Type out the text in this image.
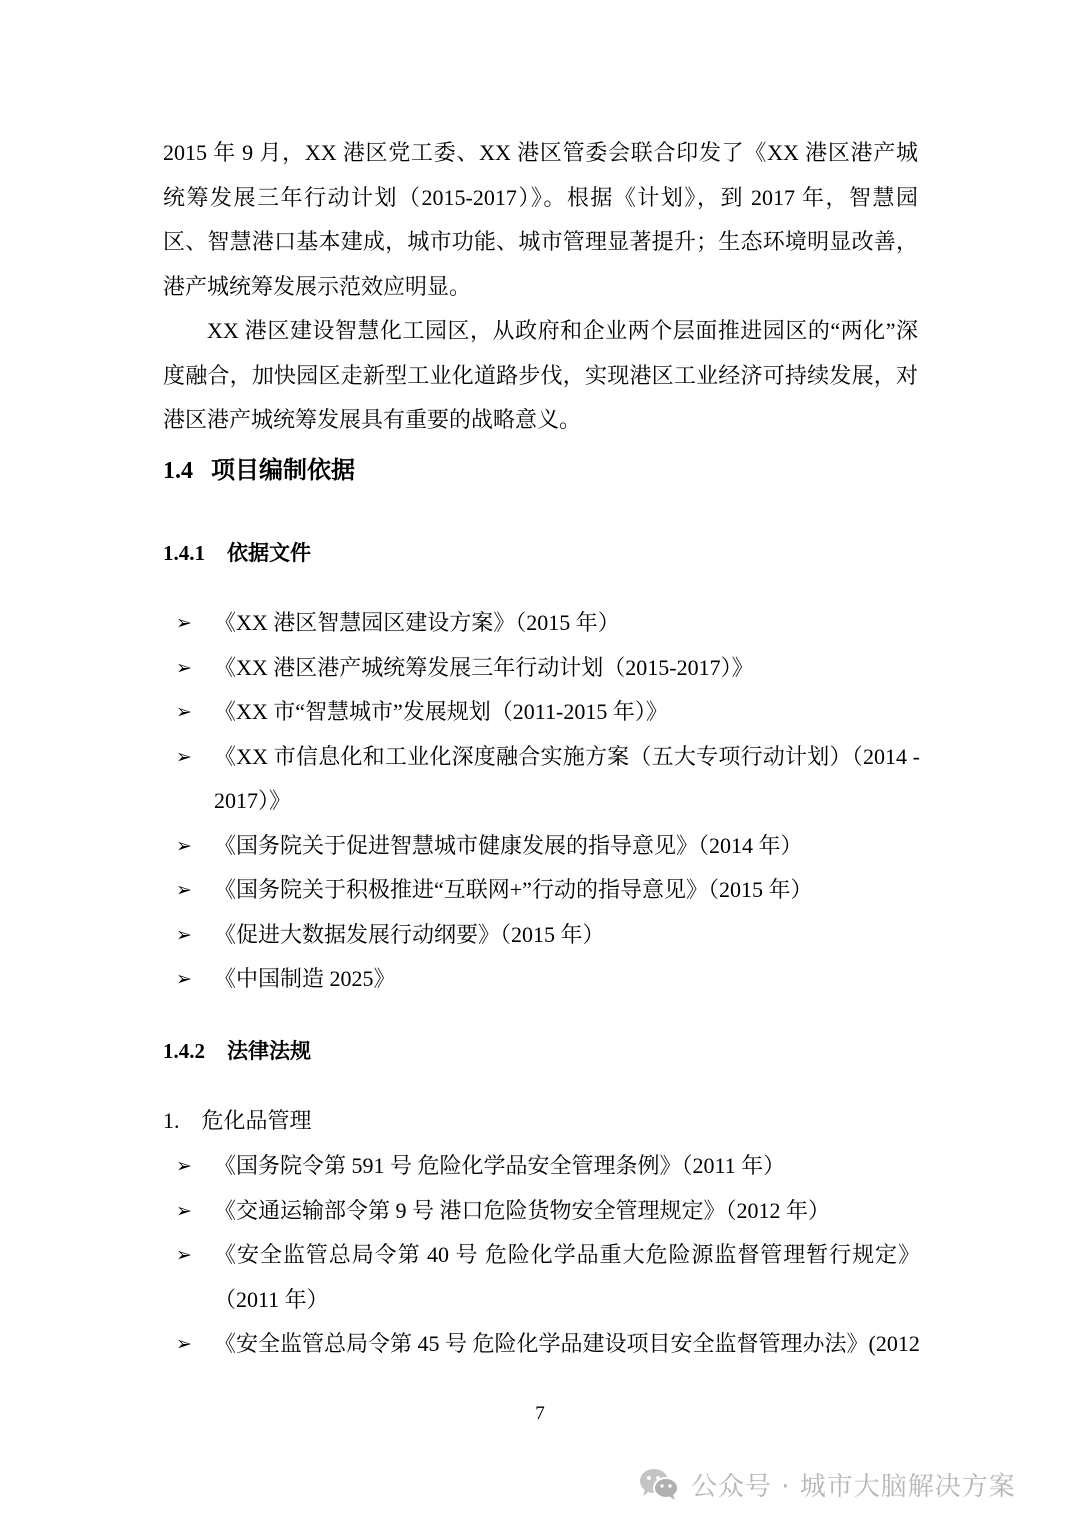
2015 年 9 月，XX 港区党工委、XX 港区管委会联合印发了《XX 港区港产城统筹发展三年行动计划（2015-2017）》。根据《计划》，到 2017 年，智慧园区、智慧港口基本建成，城市功能、城市管理显著提升；生态环境明显改善，港产城统筹发展示范效应明显。

XX 港区建设智慧化工园区，从政府和企业两个层面推进园区的“两化”深度融合，加快园区走新型工业化道路步伐，实现港区工业经济可持续发展，对港区港产城统筹发展具有重要的战略意义。

1.4 项目编制依据
1.4.1 依据文件
➢ 《XX 港区智慧园区建设方案》（2015 年）
➢ 《XX 港区港产城统筹发展三年行动计划（2015-2017）》
➢ 《XX 市“智慧城市”发展规划（2011-2015 年）》
➢ 《XX 市信息化和工业化深度融合实施方案（五大专项行动计划）（2014 - 2017）》
➢ 《国务院关于促进智慧城市健康发展的指导意见》（2014 年）
➢ 《国务院关于积极推进“互联网+”行动的指导意见》（2015 年）
➢ 《促进大数据发展行动纲要》（2015 年）
➢ 《中国制造 2025》
1.4.2 法律法规

1. 危化品管理

➢ 《国务院令第 591 号 危险化学品安全管理条例》（2011 年）
➢ 《交通运输部令第 9 号 港口危险货物安全管理规定》（2012 年）
➢ 《安全监管总局令第 40 号 危险化学品重大危险源监督管理暂行规定》（2011 年）
➢ 《安全监管总局令第 45 号 危险化学品建设项目安全监督管理办法》(2012
7
公众号 · 城市大脑解决方案
